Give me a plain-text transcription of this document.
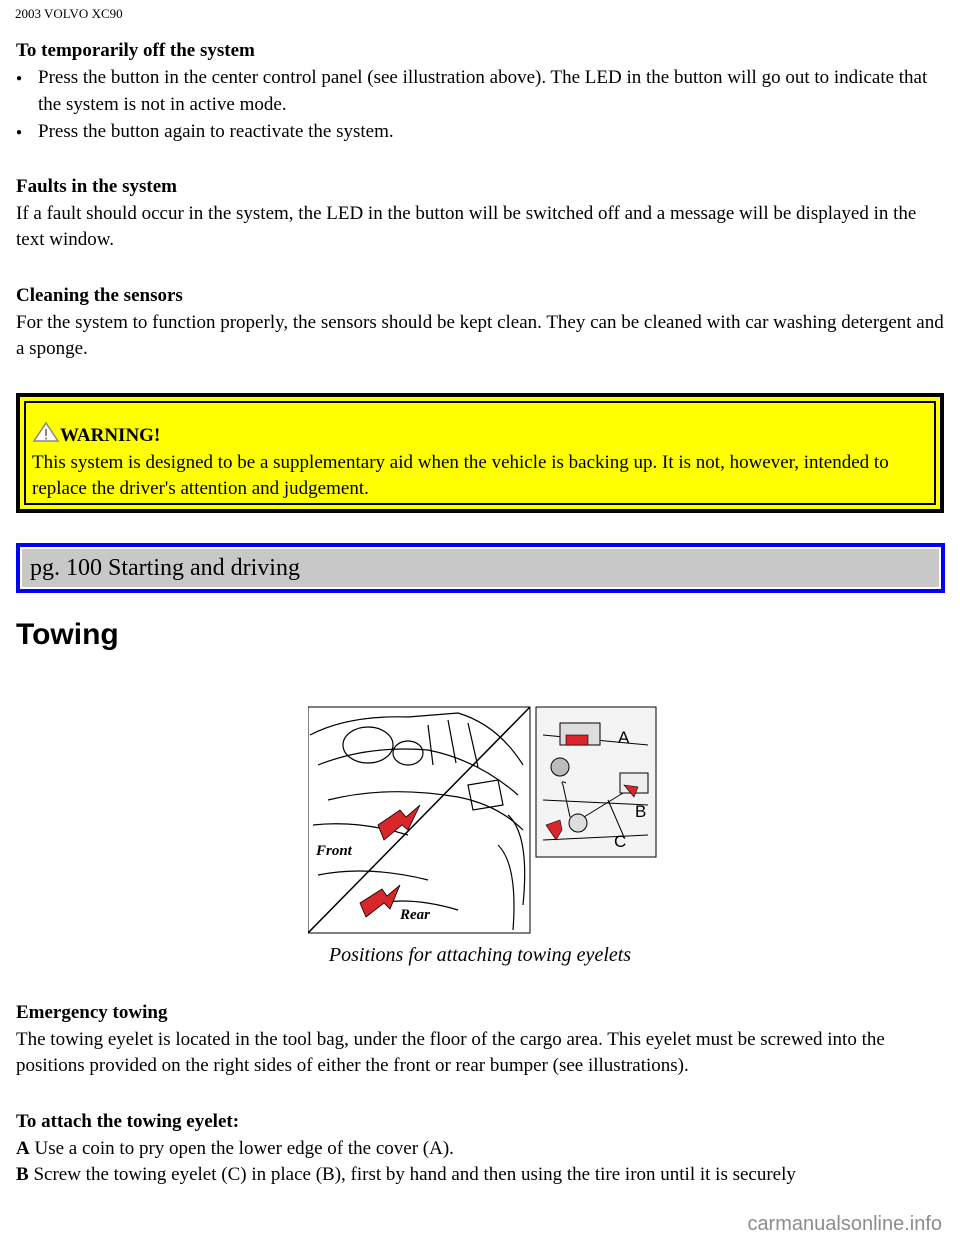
2003 VOLVO XC90
To temporarily off the system
●Press the button in the center control panel (see illustration above). The LED in the button will go out to indicate that the system is not in active mode.
●Press the button again to reactivate the system.
Faults in the system
If a fault should occur in the system, the LED in the button will be switched off and a message will be displayed in the text window.
Cleaning the sensors
For the system to function properly, the sensors should be kept clean. They can be cleaned with car washing detergent and a sponge.
WARNING!
This system is designed to be a supplementary aid when the vehicle is backing up. It is not, however, intended to replace the driver's attention and judgement.
pg. 100 Starting and driving
Towing
Front
Rear
A
B
C
Positions for attaching towing eyelets
Emergency towing
The towing eyelet is located in the tool bag, under the floor of the cargo area. This eyelet must be screwed into the positions provided on the right sides of either the front or rear bumper (see illustrations).
To attach the towing eyelet:
A Use a coin to pry open the lower edge of the cover (A).
B Screw the towing eyelet (C) in place (B), first by hand and then using the tire iron until it is securely
carmanualsonline.info
